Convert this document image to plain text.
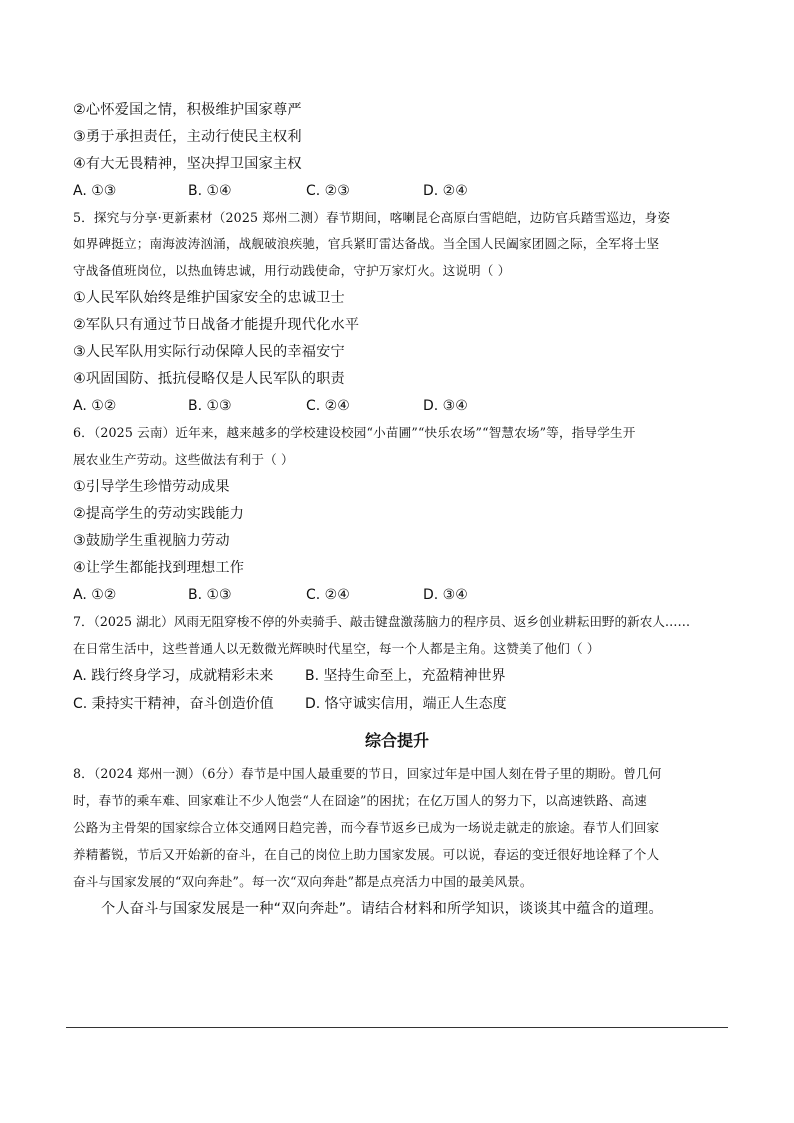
②心怀爱国之情，积极维护国家尊严
③勇于承担责任，主动行使民主权利
④有大无畏精神，坚决捍卫国家主权
A. ①③	B. ①④	C. ②③	D. ②④
5．探究与分享·更新素材（2025 郑州二测）春节期间，喀喇昆仑高原白雪皑皑，边防官兵踏雪巡边，身姿
如界碑挺立；南海波涛汹涌，战舰破浪疾驰，官兵紧盯雷达备战。当全国人民阖家团圆之际，全军将士坚
守战备值班岗位，以热血铸忠诚，用行动践使命，守护万家灯火。这说明（ ）
①人民军队始终是维护国家安全的忠诚卫士
②军队只有通过节日战备才能提升现代化水平
③人民军队用实际行动保障人民的幸福安宁
④巩固国防、抵抗侵略仅是人民军队的职责
A. ①②	B. ①③	C. ②④	D. ③④
6．（2025 云南）近年来，越来越多的学校建设校园“小苗圃”“快乐农场”“智慧农场”等，指导学生开
展农业生产劳动。这些做法有利于（ ）
①引导学生珍惜劳动成果
②提高学生的劳动实践能力
③鼓励学生重视脑力劳动
④让学生都能找到理想工作
A. ①②	B. ①③	C. ②④	D. ③④
7．（2025 湖北）风雨无阻穿梭不停的外卖骑手、敲击键盘激荡脑力的程序员、返乡创业耕耘田野的新农人……
在日常生活中，这些普通人以无数微光辉映时代星空，每一个人都是主角。这赞美了他们（ ）
A. 践行终身学习，成就精彩未来 B. 坚持生命至上，充盈精神世界
C. 秉持实干精神，奋斗创造价值 D. 恪守诚实信用，端正人生态度
综合提升
8．（2024 郑州一测）（6分）春节是中国人最重要的节日，回家过年是中国人刻在骨子里的期盼。曾几何
时，春节的乘车难、回家难让不少人饱尝“人在囧途”的困扰；在亿万国人的努力下，以高速铁路、高速
公路为主骨架的国家综合立体交通网日趋完善，而今春节返乡已成为一场说走就走的旅途。春节人们回家
养精蓄锐，节后又开始新的奋斗，在自己的岗位上助力国家发展。可以说，春运的变迁很好地诠释了个人
奋斗与国家发展的“双向奔赴”。每一次“双向奔赴”都是点亮活力中国的最美风景。
个人奋斗与国家发展是一种“双向奔赴”。请结合材料和所学知识，谈谈其中蕴含的道理。
